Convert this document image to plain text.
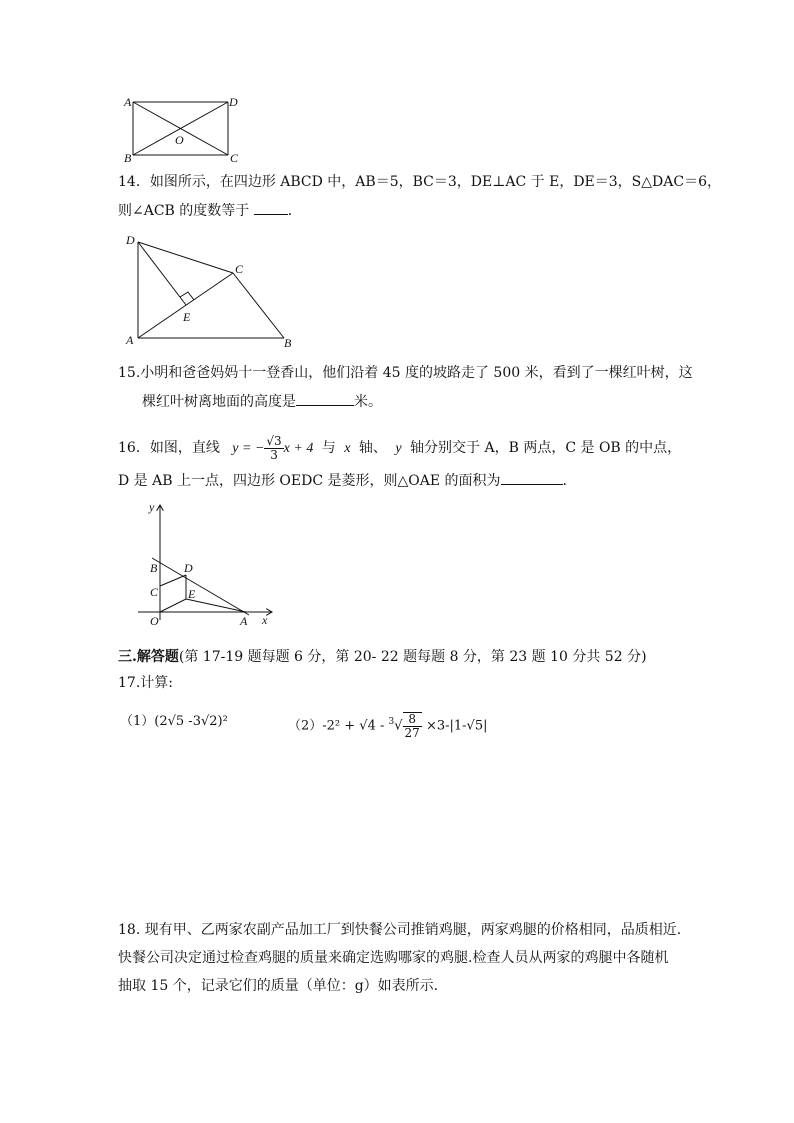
A	D
B	C
O
14．如图所示，在四边形 ABCD 中，AB＝5，BC＝3，DE⊥AC 于 E，DE＝3，S△DAC＝6，
则∠ACB 的度数等于 ．
D
C
E
A	B
15.小明和爸爸妈妈十一登香山，他们沿着 45 度的坡路走了 500 米，看到了一棵红叶树，这
棵红叶树离地面的高度是	米。
16．如图，直线 y = − $\frac{√3}{3}$ x + 4 与 x 轴、 y 轴分别交于 A，B 两点，C 是 OB 的中点，
D 是 AB 上一点，四边形 OEDC 是菱形，则△OAE 的面积为	．
y
B D
C E
O	A x
三.解答题(第 17-19 题每题 6 分，第 20- 22 题每题 8 分，第 23 题 10 分共 52 分)
17.计算:
（1）(2√5 -3√2)²	$(2)-2^2 + √4 - ^3√ \frac{8}{27} \times 3-|1-√5|$
18. 现有甲、乙两家农副产品加工厂到快餐公司推销鸡腿，两家鸡腿的价格相同，品质相近.
快餐公司决定通过检查鸡腿的质量来确定选购哪家的鸡腿.检查人员从两家的鸡腿中各随机
抽取 15 个，记录它们的质量（单位：g）如表所示.
